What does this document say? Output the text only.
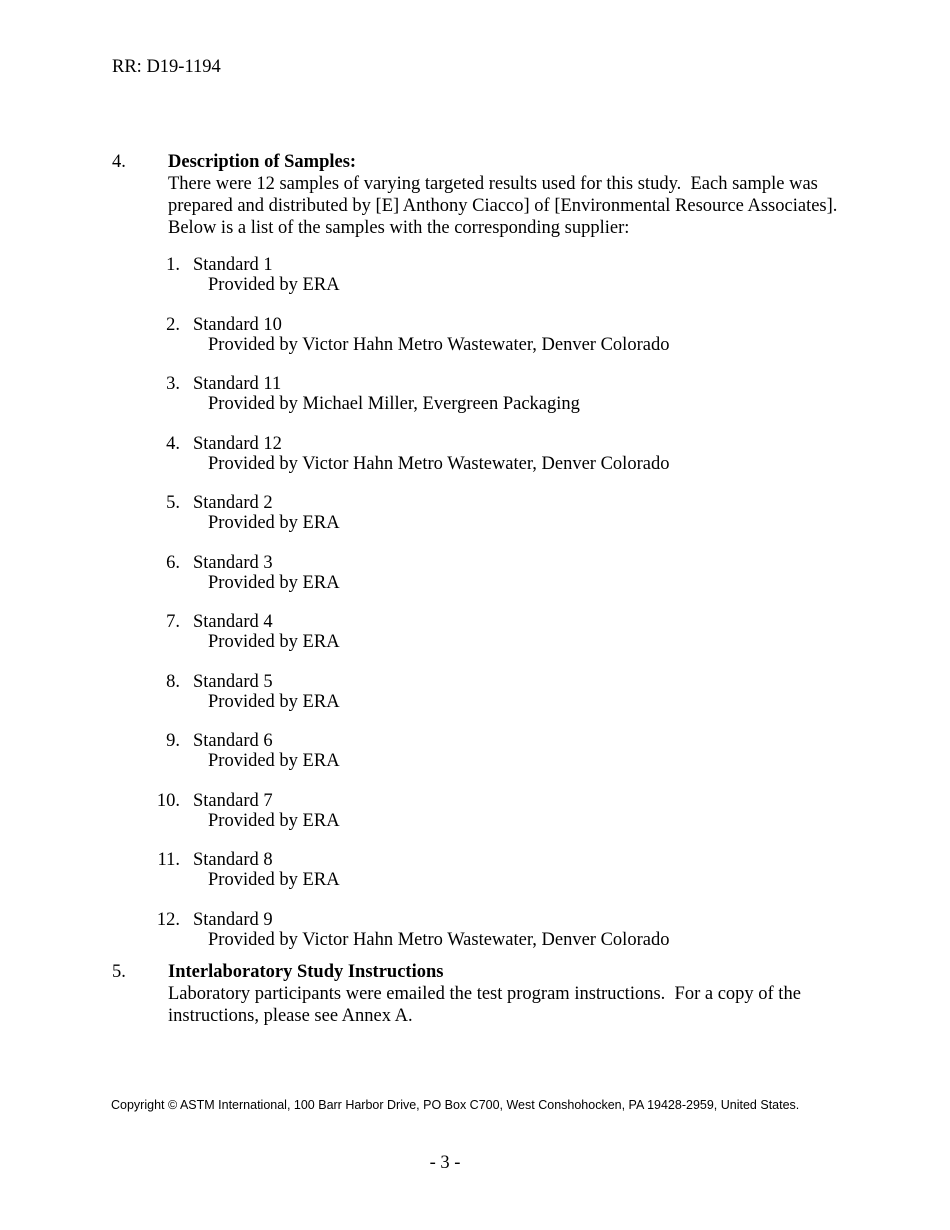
RR: D19-1194
4. Description of Samples:
There were 12 samples of varying targeted results used for this study.  Each sample was prepared and distributed by [E] Anthony Ciacco] of [Environmental Resource Associates]. Below is a list of the samples with the corresponding supplier:
1. Standard 1
Provided by ERA
2. Standard 10
Provided by Victor Hahn Metro Wastewater, Denver Colorado
3. Standard 11
Provided by Michael Miller, Evergreen Packaging
4. Standard 12
Provided by Victor Hahn Metro Wastewater, Denver Colorado
5. Standard 2
Provided by ERA
6. Standard 3
Provided by ERA
7. Standard 4
Provided by ERA
8. Standard 5
Provided by ERA
9. Standard 6
Provided by ERA
10. Standard 7
Provided by ERA
11. Standard 8
Provided by ERA
12. Standard 9
Provided by Victor Hahn Metro Wastewater, Denver Colorado
5. Interlaboratory Study Instructions
Laboratory participants were emailed the test program instructions.  For a copy of the instructions, please see Annex A.
Copyright © ASTM International, 100 Barr Harbor Drive, PO Box C700, West Conshohocken, PA 19428-2959, United States.
- 3 -
